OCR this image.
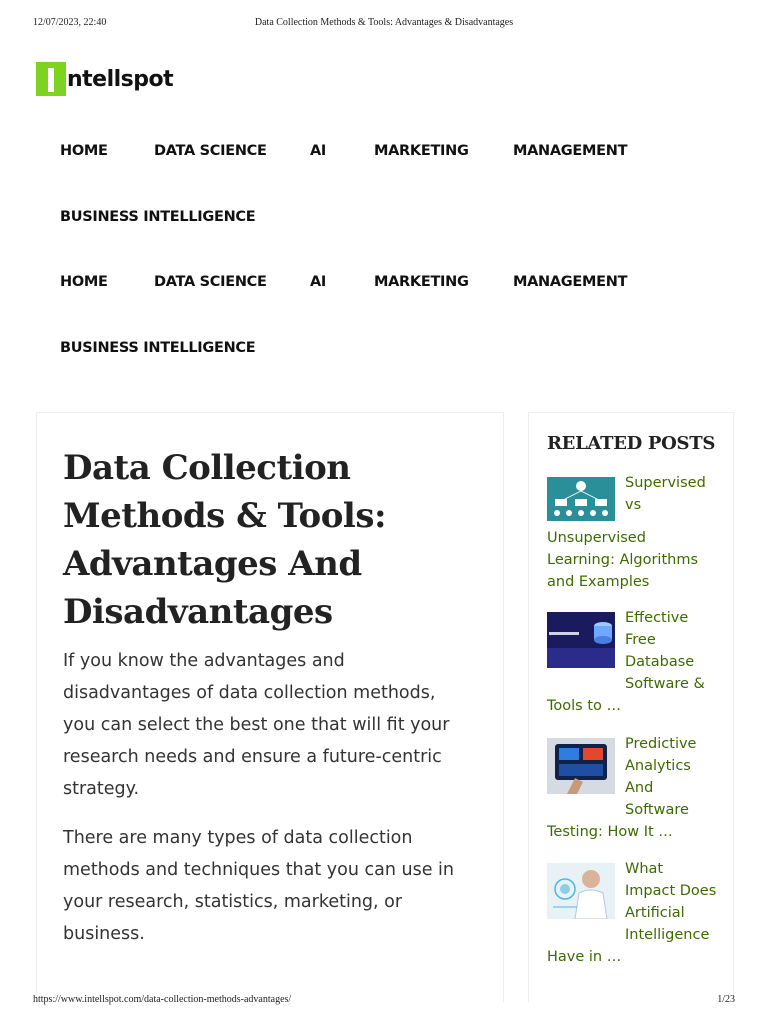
12/07/2023, 22:40	Data Collection Methods & Tools: Advantages & Disadvantages
ntellspot
HOME	DATA SCIENCE	AI	MARKETING	MANAGEMENT
BUSINESS INTELLIGENCE
HOME	DATA SCIENCE	AI	MARKETING	MANAGEMENT
BUSINESS INTELLIGENCE
Data Collection Methods & Tools: Advantages And Disadvantages

If you know the advantages and disadvantages of data collection methods, you can select the best one that will fit your research needs and ensure a future-centric strategy.

There are many types of data collection methods and techniques that you can use in your research, statistics, marketing, or business.

RELATED POSTS
Supervised vs Unsupervised Learning: Algorithms and Examples
Effective Free Database Software & Tools to …
Predictive Analytics And Software Testing: How It …
What Impact Does Artificial Intelligence Have in …
https://www.intellspot.com/data-collection-methods-advantages/	1/23
